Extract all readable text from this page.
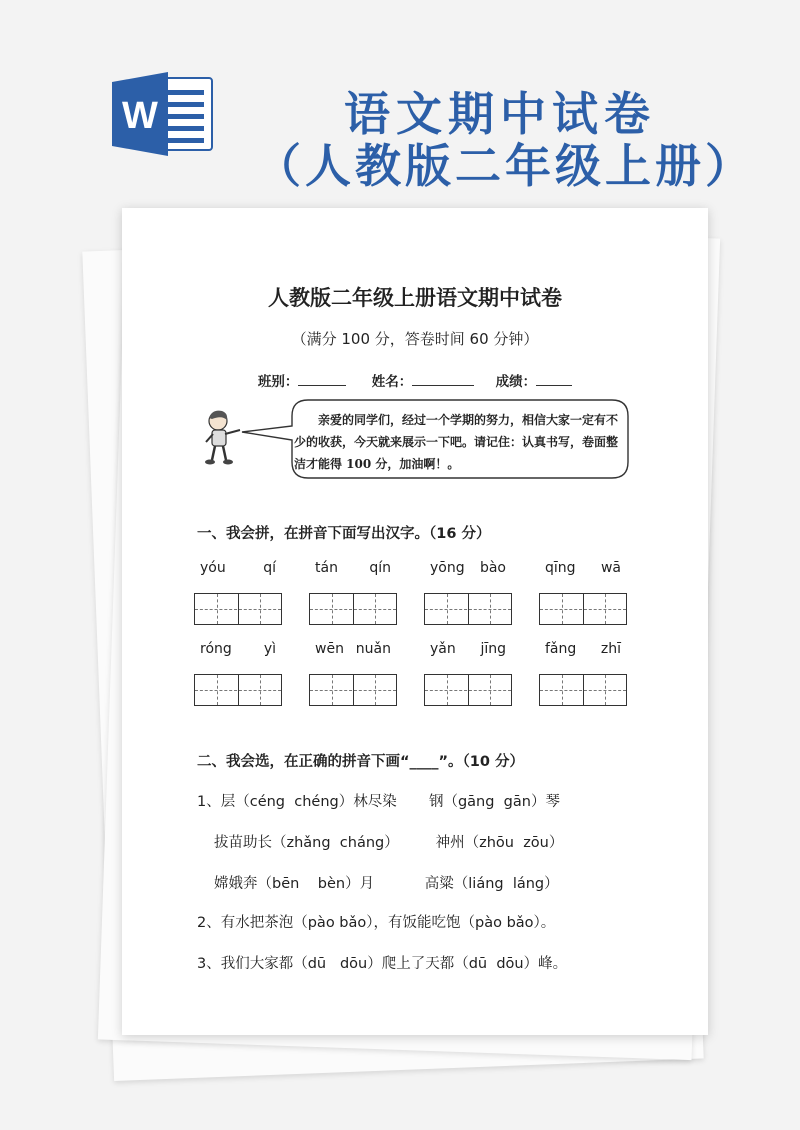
W	语文期中试卷
（人教版二年级上册）
人教版二年级上册语文期中试卷
（满分 100 分，答卷时间 60 分钟）
班别：	姓名：	成绩：
亲爱的同学们，经过一个学期的努力，相信大家一定有不少的收获，今天就来展示一下吧。请记住：认真书写，卷面整洁才能得 100 分，加油啊！。
一、我会拼，在拼音下面写出汉字。（16 分）
yóu	qí	tán qín	yōng bào	qīng wā
róng yì	wēn nuǎn	yǎn jīng	fǎng zhī
二、我会选，在正确的拼音下画“____”。（10 分）
1、层（céng  chéng）林尽染       钢（gāng  gān）琴
拔苗助长（zhǎng  cháng）        神州（zhōu  zōu）
嫦娥奔（bēn    bèn）月           高粱（liáng  láng）
2、有水把茶泡（pào bǎo），有饭能吃饱（pào bǎo）。
3、我们大家都（dū   dōu）爬上了天都（dū  dōu）峰。
